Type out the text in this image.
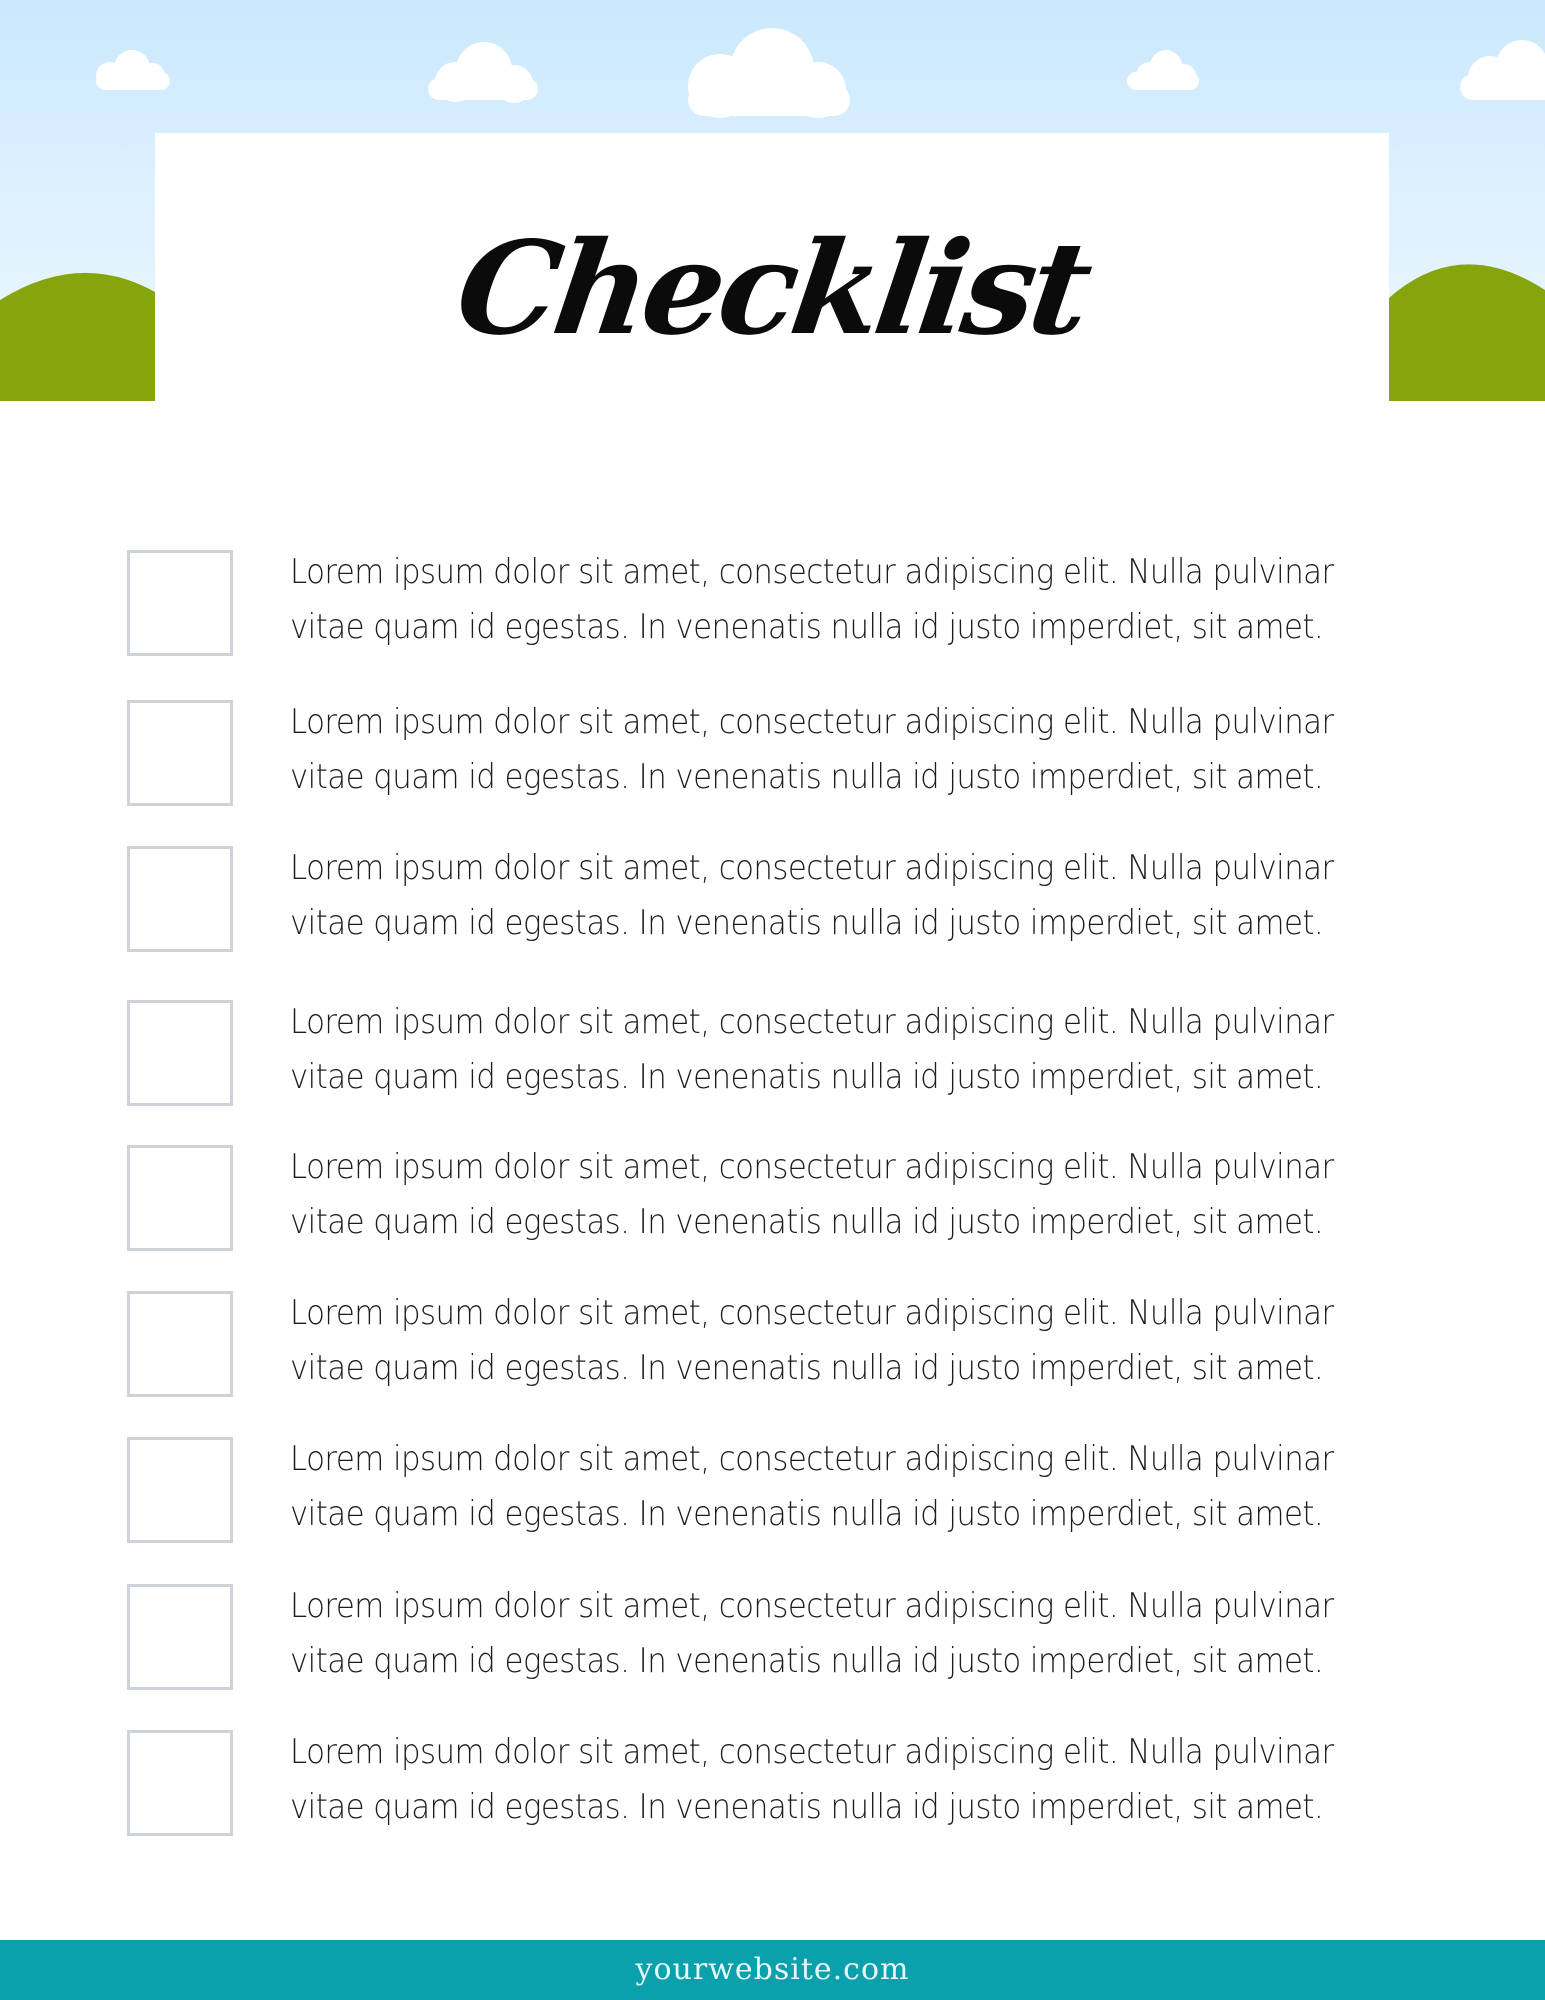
Checklist
Lorem ipsum dolor sit amet, consectetur adipiscing elit. Nulla pulvinar
vitae quam id egestas. In venenatis nulla id justo imperdiet, sit amet.
Lorem ipsum dolor sit amet, consectetur adipiscing elit. Nulla pulvinar
vitae quam id egestas. In venenatis nulla id justo imperdiet, sit amet.
Lorem ipsum dolor sit amet, consectetur adipiscing elit. Nulla pulvinar
vitae quam id egestas. In venenatis nulla id justo imperdiet, sit amet.
Lorem ipsum dolor sit amet, consectetur adipiscing elit. Nulla pulvinar
vitae quam id egestas. In venenatis nulla id justo imperdiet, sit amet.
Lorem ipsum dolor sit amet, consectetur adipiscing elit. Nulla pulvinar
vitae quam id egestas. In venenatis nulla id justo imperdiet, sit amet.
Lorem ipsum dolor sit amet, consectetur adipiscing elit. Nulla pulvinar
vitae quam id egestas. In venenatis nulla id justo imperdiet, sit amet.
Lorem ipsum dolor sit amet, consectetur adipiscing elit. Nulla pulvinar
vitae quam id egestas. In venenatis nulla id justo imperdiet, sit amet.
Lorem ipsum dolor sit amet, consectetur adipiscing elit. Nulla pulvinar
vitae quam id egestas. In venenatis nulla id justo imperdiet, sit amet.
Lorem ipsum dolor sit amet, consectetur adipiscing elit. Nulla pulvinar
vitae quam id egestas. In venenatis nulla id justo imperdiet, sit amet.
yourwebsite.com
